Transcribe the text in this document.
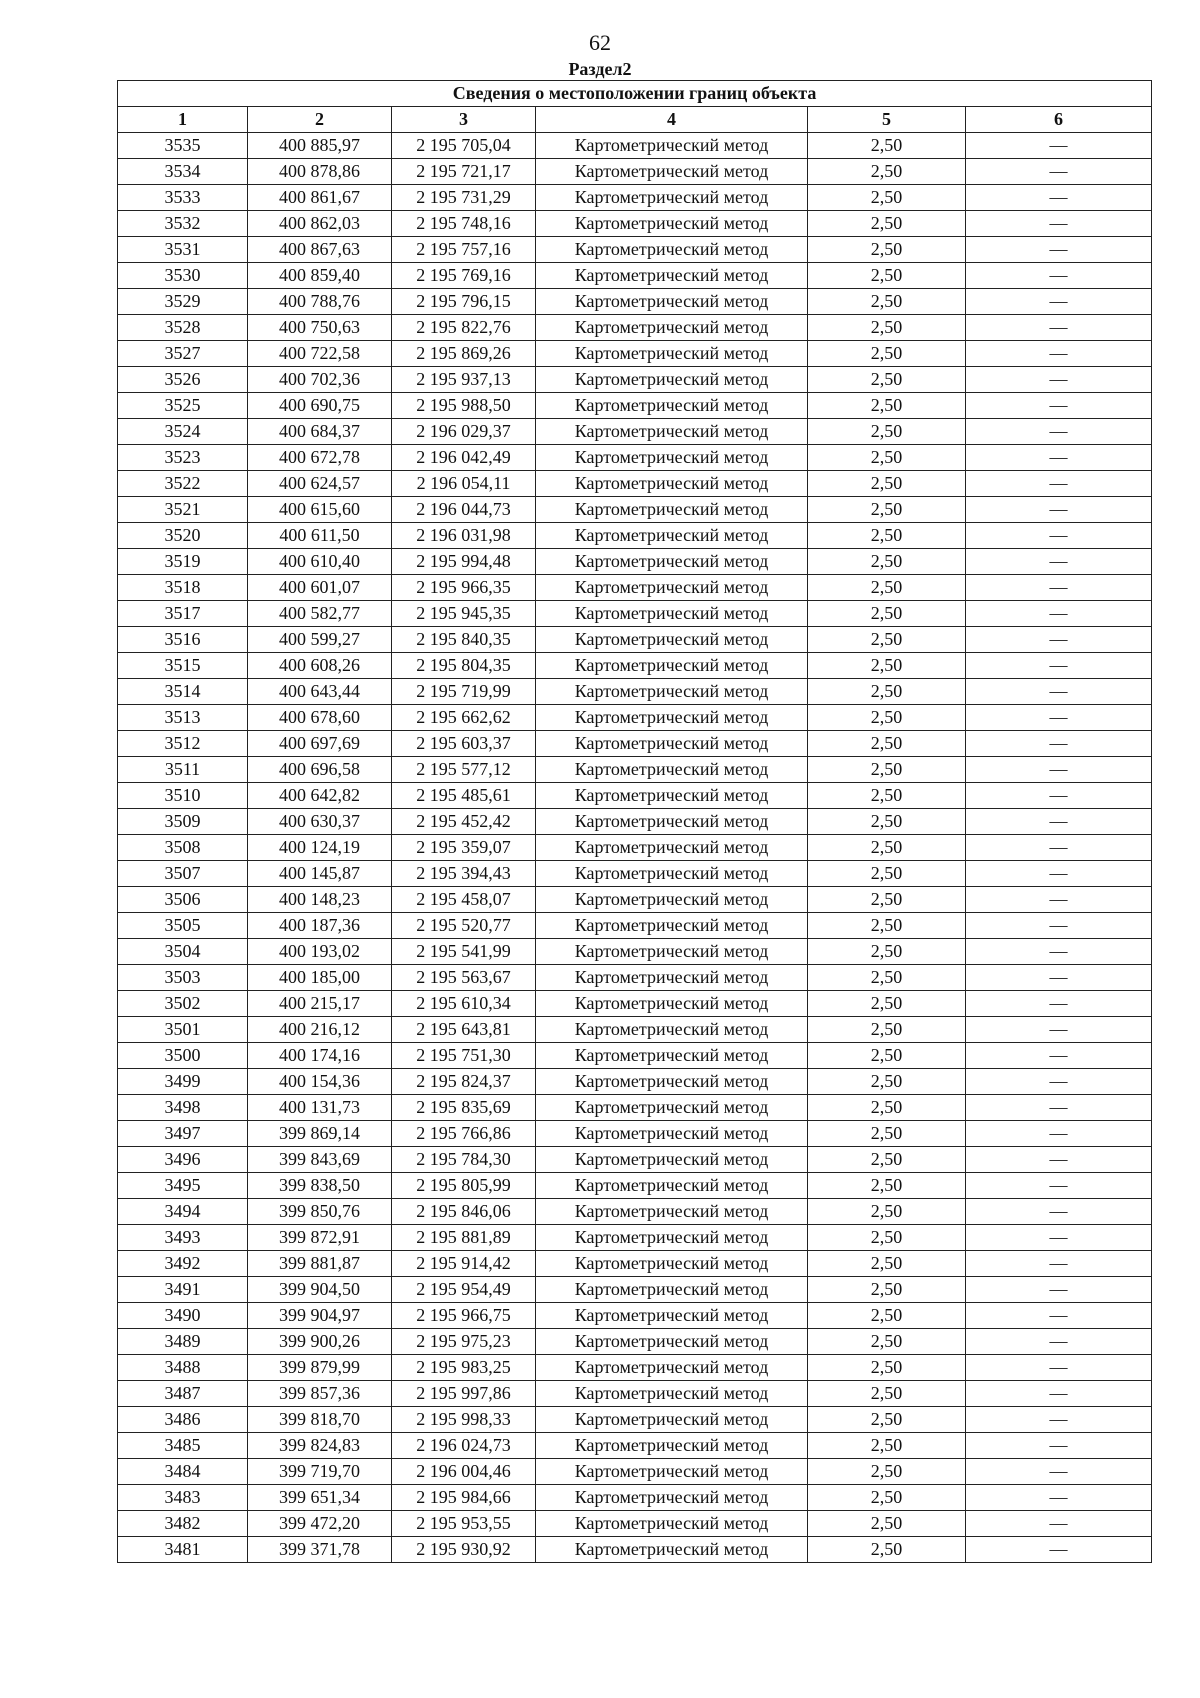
62
Раздел2
Сведения о местоположении границ объекта					
1	2	3	4	5	6
3535	400 885,97	2 195 705,04	Картометрический метод	2,50	—
3534	400 878,86	2 195 721,17	Картометрический метод	2,50	—
3533	400 861,67	2 195 731,29	Картометрический метод	2,50	—
3532	400 862,03	2 195 748,16	Картометрический метод	2,50	—
3531	400 867,63	2 195 757,16	Картометрический метод	2,50	—
3530	400 859,40	2 195 769,16	Картометрический метод	2,50	—
3529	400 788,76	2 195 796,15	Картометрический метод	2,50	—
3528	400 750,63	2 195 822,76	Картометрический метод	2,50	—
3527	400 722,58	2 195 869,26	Картометрический метод	2,50	—
3526	400 702,36	2 195 937,13	Картометрический метод	2,50	—
3525	400 690,75	2 195 988,50	Картометрический метод	2,50	—
3524	400 684,37	2 196 029,37	Картометрический метод	2,50	—
3523	400 672,78	2 196 042,49	Картометрический метод	2,50	—
3522	400 624,57	2 196 054,11	Картометрический метод	2,50	—
3521	400 615,60	2 196 044,73	Картометрический метод	2,50	—
3520	400 611,50	2 196 031,98	Картометрический метод	2,50	—
3519	400 610,40	2 195 994,48	Картометрический метод	2,50	—
3518	400 601,07	2 195 966,35	Картометрический метод	2,50	—
3517	400 582,77	2 195 945,35	Картометрический метод	2,50	—
3516	400 599,27	2 195 840,35	Картометрический метод	2,50	—
3515	400 608,26	2 195 804,35	Картометрический метод	2,50	—
3514	400 643,44	2 195 719,99	Картометрический метод	2,50	—
3513	400 678,60	2 195 662,62	Картометрический метод	2,50	—
3512	400 697,69	2 195 603,37	Картометрический метод	2,50	—
3511	400 696,58	2 195 577,12	Картометрический метод	2,50	—
3510	400 642,82	2 195 485,61	Картометрический метод	2,50	—
3509	400 630,37	2 195 452,42	Картометрический метод	2,50	—
3508	400 124,19	2 195 359,07	Картометрический метод	2,50	—
3507	400 145,87	2 195 394,43	Картометрический метод	2,50	—
3506	400 148,23	2 195 458,07	Картометрический метод	2,50	—
3505	400 187,36	2 195 520,77	Картометрический метод	2,50	—
3504	400 193,02	2 195 541,99	Картометрический метод	2,50	—
3503	400 185,00	2 195 563,67	Картометрический метод	2,50	—
3502	400 215,17	2 195 610,34	Картометрический метод	2,50	—
3501	400 216,12	2 195 643,81	Картометрический метод	2,50	—
3500	400 174,16	2 195 751,30	Картометрический метод	2,50	—
3499	400 154,36	2 195 824,37	Картометрический метод	2,50	—
3498	400 131,73	2 195 835,69	Картометрический метод	2,50	—
3497	399 869,14	2 195 766,86	Картометрический метод	2,50	—
3496	399 843,69	2 195 784,30	Картометрический метод	2,50	—
3495	399 838,50	2 195 805,99	Картометрический метод	2,50	—
3494	399 850,76	2 195 846,06	Картометрический метод	2,50	—
3493	399 872,91	2 195 881,89	Картометрический метод	2,50	—
3492	399 881,87	2 195 914,42	Картометрический метод	2,50	—
3491	399 904,50	2 195 954,49	Картометрический метод	2,50	—
3490	399 904,97	2 195 966,75	Картометрический метод	2,50	—
3489	399 900,26	2 195 975,23	Картометрический метод	2,50	—
3488	399 879,99	2 195 983,25	Картометрический метод	2,50	—
3487	399 857,36	2 195 997,86	Картометрический метод	2,50	—
3486	399 818,70	2 195 998,33	Картометрический метод	2,50	—
3485	399 824,83	2 196 024,73	Картометрический метод	2,50	—
3484	399 719,70	2 196 004,46	Картометрический метод	2,50	—
3483	399 651,34	2 195 984,66	Картометрический метод	2,50	—
3482	399 472,20	2 195 953,55	Картометрический метод	2,50	—
3481	399 371,78	2 195 930,92	Картометрический метод	2,50	—
